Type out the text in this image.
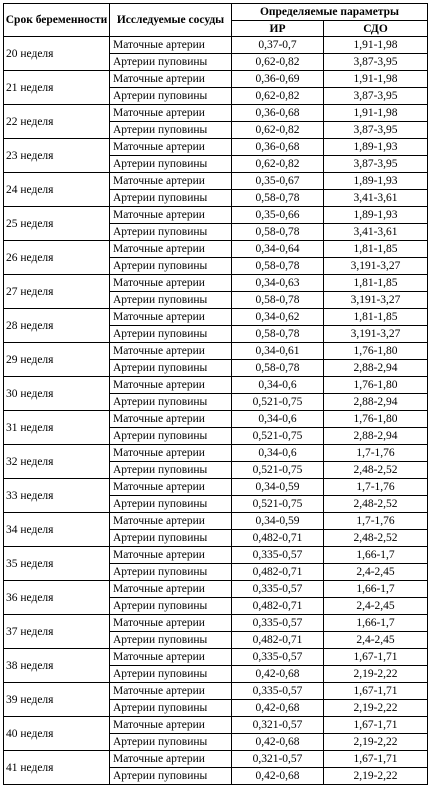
Срок беременности	Исследуемые сосуды	Определяемые параметры	
		ИР	СДО
20 неделя	Маточные артерии	0,37-0,7	1,91-1,98
	Артерии пуповины	0,62-0,82	3,87-3,95
21 неделя	Маточные артерии	0,36-0,69	1,91-1,98
	Артерии пуповины	0,62-0,82	3,87-3,95
22 неделя	Маточные артерии	0,36-0,68	1,91-1,98
	Артерии пуповины	0,62-0,82	3,87-3,95
23 неделя	Маточные артерии	0,36-0,68	1,89-1,93
	Артерии пуповины	0,62-0,82	3,87-3,95
24 неделя	Маточные артерии	0,35-0,67	1,89-1,93
	Артерии пуповины	0,58-0,78	3,41-3,61
25 неделя	Маточные артерии	0,35-0,66	1,89-1,93
	Артерии пуповины	0,58-0,78	3,41-3,61
26 неделя	Маточные артерии	0,34-0,64	1,81-1,85
	Артерии пуповины	0,58-0,78	3,191-3,27
27 неделя	Маточные артерии	0,34-0,63	1,81-1,85
	Артерии пуповины	0,58-0,78	3,191-3,27
28 неделя	Маточные артерии	0,34-0,62	1,81-1,85
	Артерии пуповины	0,58-0,78	3,191-3,27
29 неделя	Маточные артерии	0,34-0,61	1,76-1,80
	Артерии пуповины	0,58-0,78	2,88-2,94
30 неделя	Маточные артерии	0,34-0,6	1,76-1,80
	Артерии пуповины	0,521-0,75	2,88-2,94
31 неделя	Маточные артерии	0,34-0,6	1,76-1,80
	Артерии пуповины	0,521-0,75	2,88-2,94
32 неделя	Маточные артерии	0,34-0,6	1,7-1,76
	Артерии пуповины	0,521-0,75	2,48-2,52
33 неделя	Маточные артерии	0,34-0,59	1,7-1,76
	Артерии пуповины	0,521-0,75	2,48-2,52
34 неделя	Маточные артерии	0,34-0,59	1,7-1,76
	Артерии пуповины	0,482-0,71	2,48-2,52
35 неделя	Маточные артерии	0,335-0,57	1,66-1,7
	Артерии пуповины	0,482-0,71	2,4-2,45
36 неделя	Маточные артерии	0,335-0,57	1,66-1,7
	Артерии пуповины	0,482-0,71	2,4-2,45
37 неделя	Маточные артерии	0,335-0,57	1,66-1,7
	Артерии пуповины	0,482-0,71	2,4-2,45
38 неделя	Маточные артерии	0,335-0,57	1,67-1,71
	Артерии пуповины	0,42-0,68	2,19-2,22
39 неделя	Маточные артерии	0,335-0,57	1,67-1,71
	Артерии пуповины	0,42-0,68	2,19-2,22
40 неделя	Маточные артерии	0,321-0,57	1,67-1,71
	Артерии пуповины	0,42-0,68	2,19-2,22
41 неделя	Маточные артерии	0,321-0,57	1,67-1,71
	Артерии пуповины	0,42-0,68	2,19-2,22
